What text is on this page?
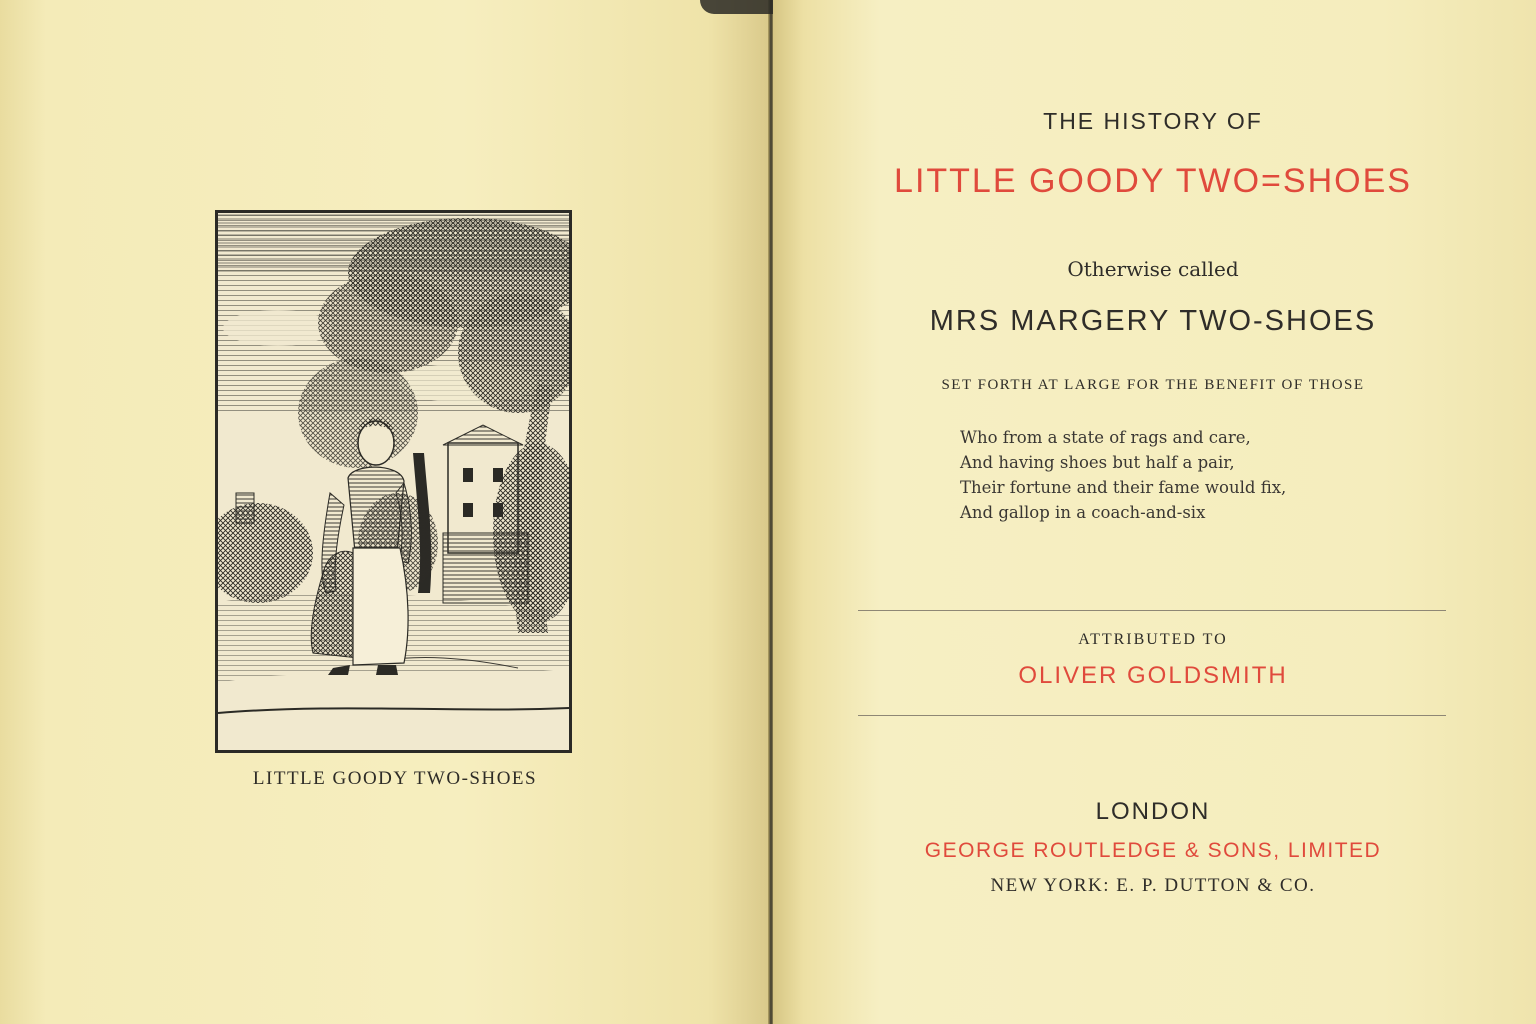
LITTLE GOODY TWO-SHOES
THE HISTORY OF
LITTLE GOODY TWO=SHOES
Otherwise called
MRS MARGERY TWO-SHOES
SET FORTH AT LARGE FOR THE BENEFIT OF THOSE
Who from a state of rags and care,
And having shoes but half a pair,
Their fortune and their fame would fix,
And gallop in a coach-and-six
ATTRIBUTED TO
OLIVER GOLDSMITH
LONDON
GEORGE ROUTLEDGE & SONS, LIMITED
NEW YORK: E. P. DUTTON & CO.
